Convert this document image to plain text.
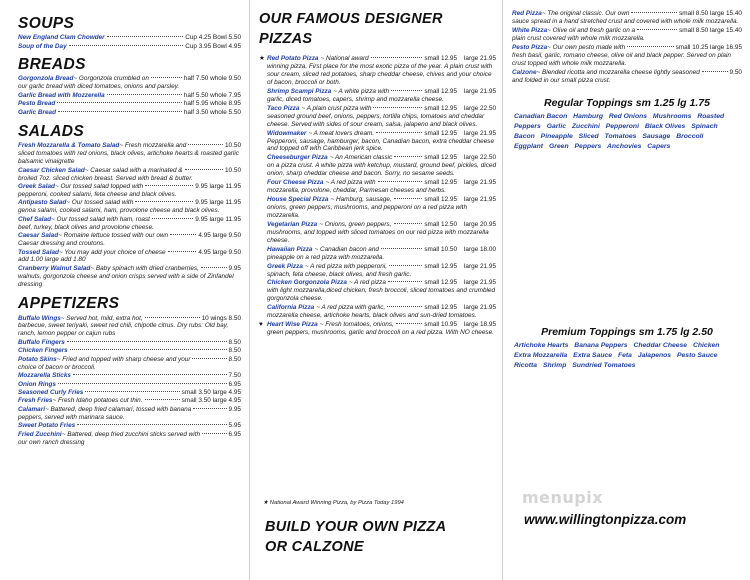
SOUPS
New England Clam Chowder	Cup 4.25 Bowl 5.50
Soup of the Day	Cup 3.95 Bowl 4.95
BREADS
Gorgonzola Bread ~ Gorgonzola crumbled on	half 7.50 whole 9.50
our garlic bread with diced tomatoes, onions and parsley.
Garlic Bread with Mozzerella	half 5.50 whole 7.95
Pesto Bread	half 5.95 whole 8.95
Garlic Bread	half 3.50 whole 5.50
SALADS
Fresh Mozzarella & Tomato Salad ~ Fresh mozzarella and	10.50
sliced tomatoes with red onions, black olives, artichoke hearts & roasted garlic balsamic vinaigrette
Caesar Chicken Salad ~ Caesar salad with a marinated &	10.50
broiled 7oz. sliced chicken breast. Served with bread & butter.
Greek Salad ~ Our tossed salad topped with	9.95 large 11.95
pepperoni, cooked salami, feta cheese and black olives.
Antipasto Salad ~ Our tossed salad with	9.95 large 11.95
genoa salami, cooked salami, ham, provolone cheese and black olives.
Chef Salad ~ Our tossed salad with ham, roast	9.95 large 11.95
beef, turkey, black olives and provolone cheese.
Caesar Salad ~ Romaine lettuce tossed with our own	4.95 large 9.50
Caesar dressing and croutons.
Tossed Salad ~ You may add your choice of cheese	4.95 large 9.50
add 1.00 large add 1.80
Cranberry Walnut Salad ~ Baby spinach with dried cranberries,	9.95
walnuts, gorgonzola cheese and onion crisps served with a side of Zinfandel dressing
APPETIZERS
Buffalo Wings ~ Served hot, mild, extra hot,	10 wings 8.50
barbecue, sweet teriyaki, sweet red chili, chipotle citrus. Dry rubs: Old bay, ranch, lemon pepper or cajun rubs
Buffalo Fingers	8.50
Chicken Fingers	8.50
Potato Skins ~ Fried and topped with sharp cheese and your	8.50
choice of bacon or broccoli.
Mozzarella Sticks	7.50
Onion Rings	6.95
Seasoned Curly Fries	small 3.50 large 4.95
Fresh Fries ~ Fresh Idaho potatoes cut thin.	small 3.50 large 4.95
Calamari ~ Battered, deep fried calamari, tossed with banana	9.95
peppers, served with marinara sauce.
Sweet Potato Fries	5.95
Fried Zucchini ~ Battered, deep fried zucchini sticks served with	6.95
our own ranch dressing
OUR FAMOUS DESIGNER
PIZZAS
★ Red Potato Pizza ~ National award	small 12.95 large 21.95
winning pizza, First place for the most exotic pizza of the year. A plain crust with sour cream, sliced red potatoes, sharp cheddar cheese, chives and your choice of bacon, broccoli or both.
Shrimp Scampi Pizza ~ A white pizza with	small 12.95 large 21.95
garlic, diced tomatoes, capers, shrimp and mozzarella cheese.
Taco Pizza ~ A plain crust pizza with	small 12.95 large 22.50
seasoned ground beef, onions, peppers, tortilla chips, tomatoes and cheddar cheese. Served with sides of sour cream, salsa, jalapeno and black olives.
Widowmaker ~ A meat lovers dream.	small 12.95 large 21.95
Pepperoni, sausage, hamburger, bacon, Canadian bacon, extra cheddar cheese and topped off with Caribbean jerk spice.
Cheeseburger Pizza ~ An American classic	small 12.95 large 22.50
on a pizza crust. A white pizza with ketchup, mustard, ground beef, pickles, diced onion, sharp cheddar cheese and bacon. Sorry, no sesame seeds.
Four Cheese Pizza ~ A red pizza with	small 12.95 large 21.95
mozzarella, provolone, cheddar, Parmesan cheeses and herbs.
House Special Pizza ~ Hamburg, sausage,	small 12.95 large 21.95
onions, green peppers, mushrooms, and pepperoni on a red pizza with mozzarella.
Vegetarian Pizza ~ Onions, green peppers,	small 12.50 large 20.95
mushrooms, and topped with sliced tomatoes on our red pizza with mozzarella cheese.
Hawaiian Pizza ~ Canadian bacon and	small 10.50 large 18.00
pineapple on a red pizza with mozzarella.
Greek Pizza ~ A red pizza with pepperoni,	small 12.95 large 21.95
spinach, feta cheese, black olives, and fresh garlic.
Chicken Gorgonzola Pizza ~ A red pizza	small 12.95 large 21.95
with light mozzarella,diced chicken, fresh broccoli, sliced tomatoes and crumbled gorgonzola cheese.
California Pizza ~ A red pizza with garlic,	small 12.95 large 21.95
mozzarella cheese, artichoke hearts, black olives and sun-dried tomatoes.
♥ Heart Wise Pizza ~ Fresh tomatoes, onions,	small 10.95 large 18.95
green peppers, mushrooms, garlic and broccoli on a red pizza. With NO cheese.
★ National Award Winning Pizza, by Pizza Today 1994
BUILD YOUR OWN PIZZA
OR CALZONE
Red Pizza ~ The original classic. Our own	small 8.50 large 15.40
sauce spread in a hand stretched crust and covered with whole milk mozzarella.
White Pizza ~ Olive oil and fresh garlic on a	small 8.50 large 15.40
plain crust covered with whole milk mozzarella.
Pesto Pizza ~ Our own pesto made with	small 10.25 large 16.95
fresh basil, garlic, romano cheese, olive oil and black pepper. Served on plain crust topped with whole milk mozzarella.
Calzone ~ Blended ricotta and mozzarella cheese lightly seasoned	9.50
and folded in our small pizza crust.
Regular Toppings sm 1.25 lg 1.75
Canadian Bacon Hamburg Red Onions Mushrooms Roasted Peppers Garlic Zucchini Pepperoni Black Olives Spinach Bacon Pineapple Sliced Tomatoes Sausage Broccoli Eggplant Green Peppers Anchovies Capers
Premium Toppings sm 1.75 lg 2.50
Artichoke Hearts Banana Peppers Cheddar Cheese Chicken Extra Mozzarella Extra Sauce Feta Jalapenos Pesto Sauce Ricotta Shrimp Sundried Tomatoes
menupix
www.willingtonpizza.com
